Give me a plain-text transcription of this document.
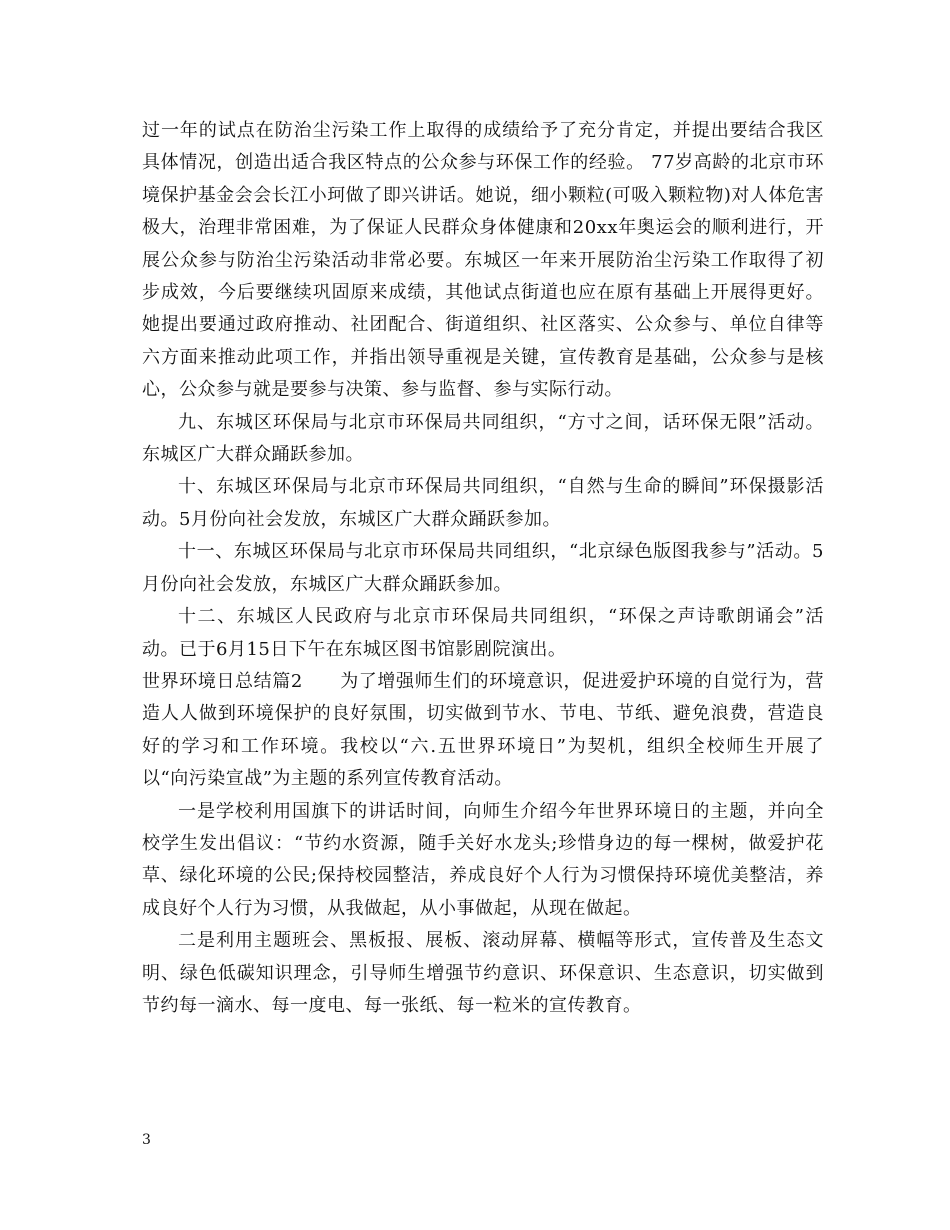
过一年的试点在防治尘污染工作上取得的成绩给予了充分肯定，并提出要结合我区具体情况，创造出适合我区特点的公众参与环保工作的经验。 77岁高龄的北京市环境保护基金会会长江小珂做了即兴讲话。她说，细小颗粒(可吸入颗粒物)对人体危害极大，治理非常困难，为了保证人民群众身体健康和20xx年奥运会的顺利进行，开展公众参与防治尘污染活动非常必要。东城区一年来开展防治尘污染工作取得了初步成效，今后要继续巩固原来成绩，其他试点街道也应在原有基础上开展得更好。她提出要通过政府推动、社团配合、街道组织、社区落实、公众参与、单位自律等六方面来推动此项工作，并指出领导重视是关键，宣传教育是基础，公众参与是核心，公众参与就是要参与决策、参与监督、参与实际行动。

九、东城区环保局与北京市环保局共同组织，“方寸之间，话环保无限”活动。东城区广大群众踊跃参加。

十、东城区环保局与北京市环保局共同组织，“自然与生命的瞬间”环保摄影活动。5月份向社会发放，东城区广大群众踊跃参加。

十一、东城区环保局与北京市环保局共同组织，“北京绿色版图我参与”活动。5月份向社会发放，东城区广大群众踊跃参加。

十二、东城区人民政府与北京市环保局共同组织，“环保之声诗歌朗诵会”活动。已于6月15日下午在东城区图书馆影剧院演出。

世界环境日总结篇2　　为了增强师生们的环境意识，促进爱护环境的自觉行为，营造人人做到环境保护的良好氛围，切实做到节水、节电、节纸、避免浪费，营造良好的学习和工作环境。我校以“六.五世界环境日”为契机，组织全校师生开展了以“向污染宣战”为主题的系列宣传教育活动。

一是学校利用国旗下的讲话时间，向师生介绍今年世界环境日的主题，并向全校学生发出倡议：“节约水资源，随手关好水龙头;珍惜身边的每一棵树，做爱护花草、绿化环境的公民;保持校园整洁，养成良好个人行为习惯保持环境优美整洁，养成良好个人行为习惯，从我做起，从小事做起，从现在做起。

二是利用主题班会、黑板报、展板、滚动屏幕、横幅等形式，宣传普及生态文明、绿色低碳知识理念，引导师生增强节约意识、环保意识、生态意识，切实做到节约每一滴水、每一度电、每一张纸、每一粒米的宣传教育。

3
